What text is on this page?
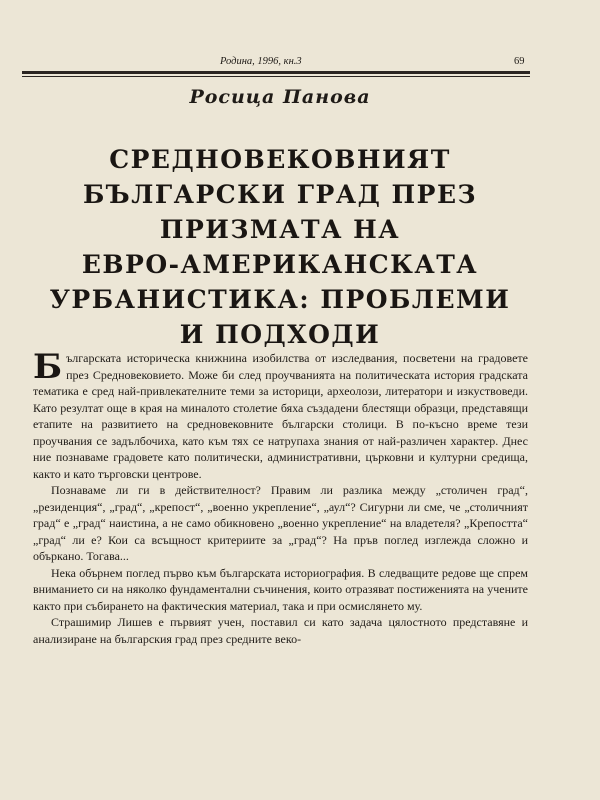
Родина, 1996, кн.3	69
Росица Панова
СРЕДНОВЕКОВНИЯТ
БЪЛГАРСКИ ГРАД ПРЕЗ
ПРИЗМАТА НА
ЕВРО-АМЕРИКАНСКАТА
УРБАНИСТИКА: ПРОБЛЕМИ
И ПОДХОДИ

Българската историческа книжнина изобилства от изследвания, посветени на градовете през Средновековието. Може би след проучванията на политическата история градската тематика е сред най-привлекателните теми за историци, археолози, литератори и изкуствоведи. Като резултат още в края на миналото столетие бяха създадени блестящи образци, представящи етапите на развитието на средновековните български столици. В по-късно време тези проучвания се задълбочиха, като към тях се натрупаха знания от най-различен характер. Днес ние познаваме градовете като политически, административни, църковни и културни средища, както и като търговски центрове.

Познаваме ли ги в действителност? Правим ли разлика между „столичен град“, „резиденция“, „град“, „крепост“, „военно укрепление“, „аул“? Сигурни ли сме, че „столичният град“ е „град“ наистина, а не само обикновено „военно укрепление“ на владетеля? „Крепостта“ „град“ ли е? Кои са всъщност критериите за „град“? На пръв поглед изглежда сложно и объркано. Тогава...

Нека обърнем поглед първо към българската историография. В следващите редове ще спрем вниманието си на няколко фундаментални съчинения, които отразяват постиженията на учените както при събирането на фактическия материал, така и при осмислянето му.

Страшимир Лишев е първият учен, поставил си като задача цялостното представяне и анализиране на българския град през средните веко-
